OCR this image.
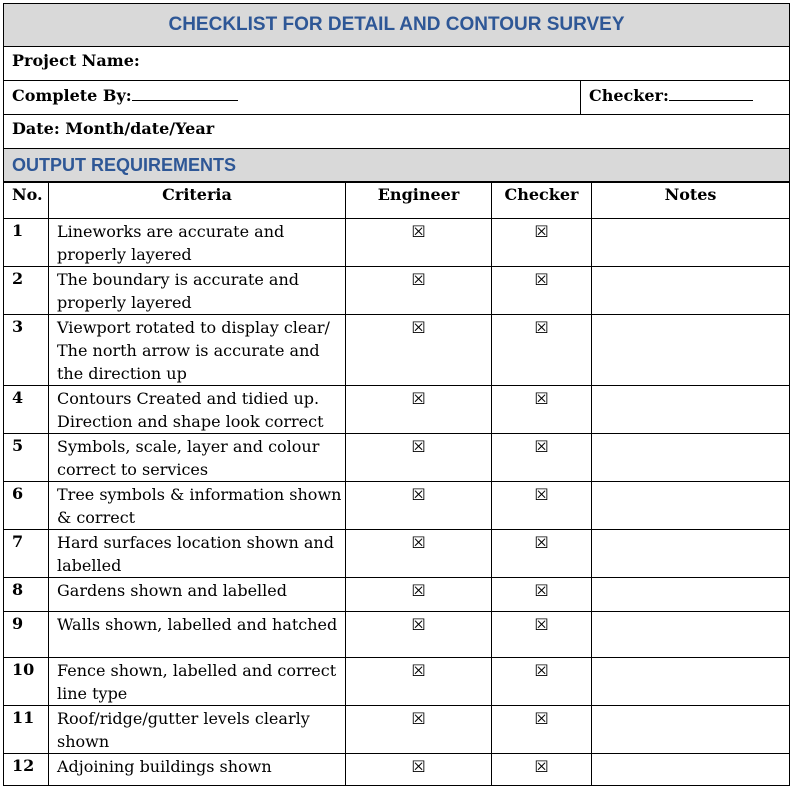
CHECKLIST FOR DETAIL AND CONTOUR SURVEY
Project Name:
Complete By:	Checker:
Date: Month/date/Year
OUTPUT REQUIREMENTS
No.	Criteria	Engineer	Checker	Notes
1	Lineworks are accurate and properly layered	☒	☒	
2	The boundary is accurate and properly layered	☒	☒	
3	Viewport rotated to display clear/ The north arrow is accurate and the direction up	☒	☒	
4	Contours Created and tidied up. Direction and shape look correct	☒	☒	
5	Symbols, scale, layer and colour correct to services	☒	☒	
6	Tree symbols & information shown & correct	☒	☒	
7	Hard surfaces location shown and labelled	☒	☒	
8	Gardens shown and labelled	☒	☒	
9	Walls shown, labelled and hatched	☒	☒	
10	Fence shown, labelled and correct line type	☒	☒	
11	Roof/ridge/gutter levels clearly shown	☒	☒	
12	Adjoining buildings shown	☒	☒	
